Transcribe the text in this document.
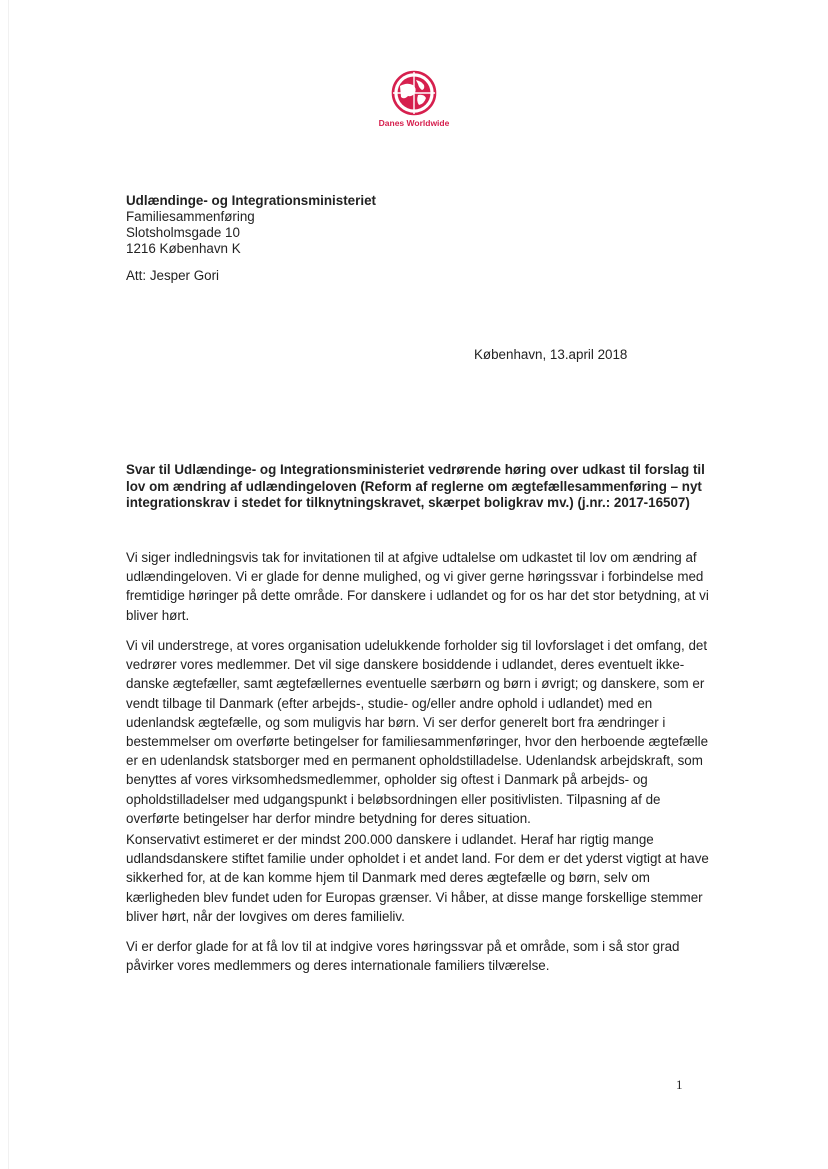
Danes Worldwide
Udlændinge- og Integrationsministeriet
Familiesammenføring
Slotsholmsgade 10
1216 København K
Att: Jesper Gori
København, 13.april 2018

Svar til Udlændinge- og Integrationsministeriet vedrørende høring over udkast til forslag til lov om ændring af udlændingeloven (Reform af reglerne om ægtefællesammenføring – nyt integrationskrav i stedet for tilknytningskravet, skærpet boligkrav mv.) (j.nr.: 2017-16507)

Vi siger indledningsvis tak for invitationen til at afgive udtalelse om udkastet til lov om ændring af udlændingeloven. Vi er glade for denne mulighed, og vi giver gerne høringssvar i forbindelse med fremtidige høringer på dette område. For danskere i udlandet og for os har det stor betydning, at vi bliver hørt.

Vi vil understrege, at vores organisation udelukkende forholder sig til lovforslaget i det omfang, det vedrører vores medlemmer. Det vil sige danskere bosiddende i udlandet, deres eventuelt ikke-danske ægtefæller, samt ægtefællernes eventuelle særbørn og børn i øvrigt; og danskere, som er vendt tilbage til Danmark (efter arbejds-, studie- og/eller andre ophold i udlandet) med en udenlandsk ægtefælle, og som muligvis har børn. Vi ser derfor generelt bort fra ændringer i bestemmelser om overførte betingelser for familiesammenføringer, hvor den herboende ægtefælle er en udenlandsk statsborger med en permanent opholdstilladelse. Udenlandsk arbejdskraft, som benyttes af vores virksomhedsmedlemmer, opholder sig oftest i Danmark på arbejds- og opholdstilladelser med udgangspunkt i beløbsordningen eller positivlisten. Tilpasning af de overførte betingelser har derfor mindre betydning for deres situation.

Konservativt estimeret er der mindst 200.000 danskere i udlandet. Heraf har rigtig mange udlandsdanskere stiftet familie under opholdet i et andet land. For dem er det yderst vigtigt at have sikkerhed for, at de kan komme hjem til Danmark med deres ægtefælle og børn, selv om kærligheden blev fundet uden for Europas grænser. Vi håber, at disse mange forskellige stemmer bliver hørt, når der lovgives om deres familieliv.

Vi er derfor glade for at få lov til at indgive vores høringssvar på et område, som i så stor grad påvirker vores medlemmers og deres internationale familiers tilværelse.

1
